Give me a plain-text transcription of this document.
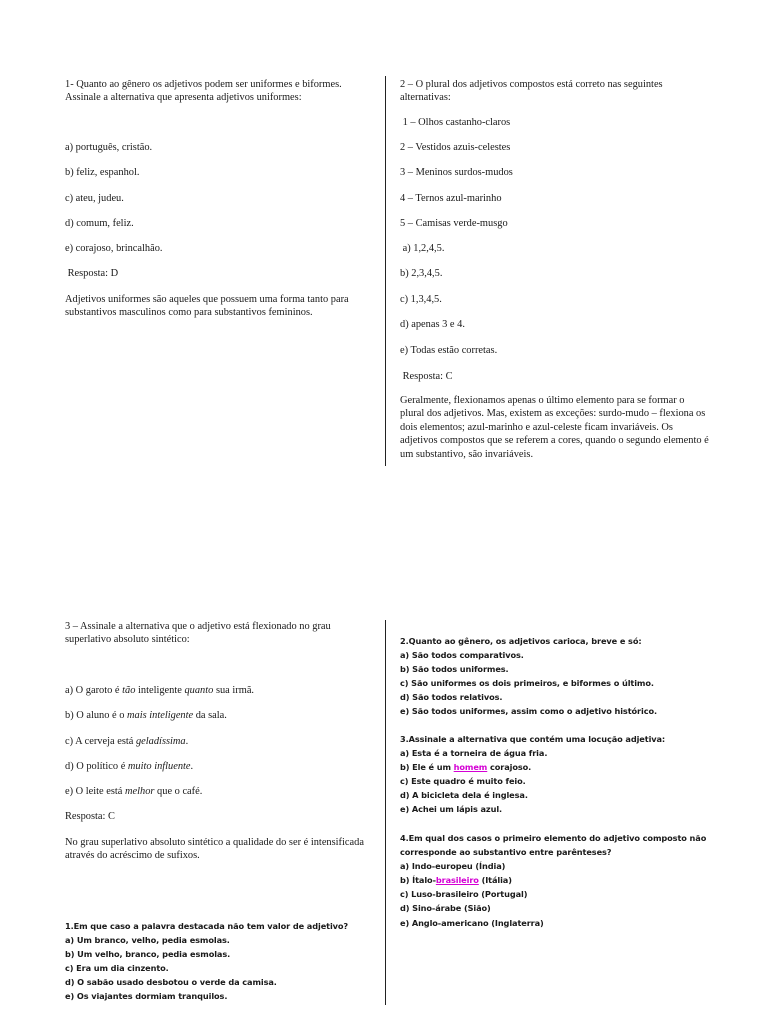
1- Quanto ao gênero os adjetivos podem ser uniformes e biformes. Assinale a alternativa que apresenta adjetivos uniformes:

a) português, cristão.

b) feliz, espanhol.

c) ateu, judeu.

d) comum, feliz.

e) corajoso, brincalhão.

Resposta: D

Adjetivos uniformes são aqueles que possuem uma forma tanto para substantivos masculinos como para substantivos femininos.

2 – O plural dos adjetivos compostos está correto nas seguintes alternativas:

1 – Olhos castanho-claros

2 – Vestidos azuis-celestes

3 – Meninos surdos-mudos

4 – Ternos azul-marinho

5 – Camisas verde-musgo

a) 1,2,4,5.

b) 2,3,4,5.

c) 1,3,4,5.

d) apenas 3 e 4.

e) Todas estão corretas.

Resposta: C

Geralmente, flexionamos apenas o último elemento para se formar o plural dos adjetivos. Mas, existem as exceções: surdo-mudo – flexiona os dois elementos; azul-marinho e azul-celeste ficam invariáveis. Os adjetivos compostos que se referem a cores, quando o segundo elemento é um substantivo, são invariáveis.

3 – Assinale a alternativa que o adjetivo está flexionado no grau superlativo absoluto sintético:

a) O garoto é tão inteligente quanto sua irmã.

b) O aluno é o mais inteligente da sala.

c) A cerveja está geladíssima.

d) O político é muito influente.

e) O leite está melhor que o café.

Resposta: C

No grau superlativo absoluto sintético a qualidade do ser é intensificada através do acréscimo de sufixos.

2.Quanto ao gênero, os adjetivos carioca, breve e só:
a) São todos comparativos.
b) São todos uniformes.
c) São uniformes os dois primeiros, e biformes o último.
d) São todos relativos.
e) São todos uniformes, assim como o adjetivo histórico.
3.Assinale a alternativa que contém uma locução adjetiva:
a) Esta é a torneira de água fria.
b) Ele é um homem corajoso.
c) Este quadro é muito feio.
d) A bicicleta dela é inglesa.
e) Achei um lápis azul.
4.Em qual dos casos o primeiro elemento do adjetivo composto não corresponde ao substantivo entre parênteses?
a) Indo-europeu (Índia)
b) Ítalo-brasileiro (Itália)
c) Luso-brasileiro (Portugal)
d) Sino-árabe (Sião)
e) Anglo-americano (Inglaterra)
1.Em que caso a palavra destacada não tem valor de adjetivo?
a) Um branco, velho, pedia esmolas.
b) Um velho, branco, pedia esmolas.
c) Era um dia cinzento.
d) O sabão usado desbotou o verde da camisa.
e) Os viajantes dormiam tranquilos.
